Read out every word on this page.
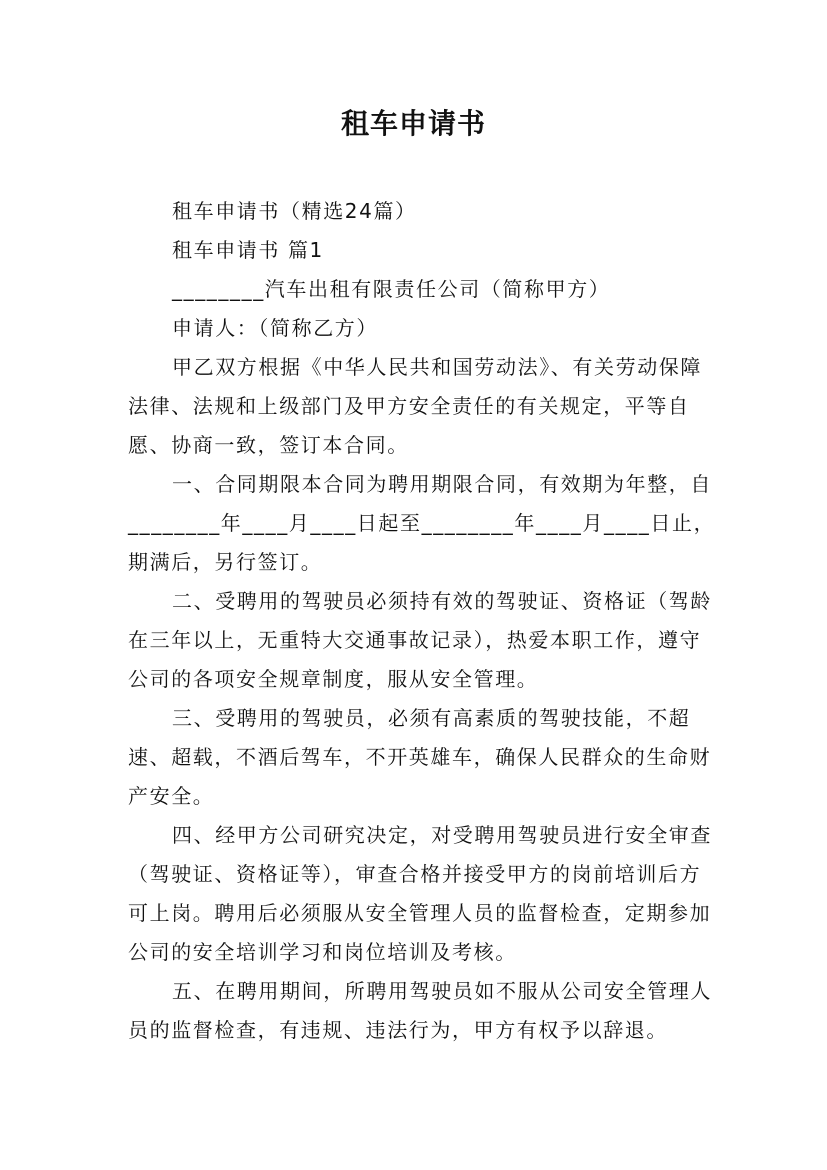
租车申请书

租车申请书（精选24篇）

租车申请书 篇1

________汽车出租有限责任公司（简称甲方）

申请人：（简称乙方）

甲乙双方根据《中华人民共和国劳动法》、有关劳动保障法律、法规和上级部门及甲方安全责任的有关规定，平等自愿、协商一致，签订本合同。

一、合同期限本合同为聘用期限合同，有效期为年整，自________年____月____日起至________年____月____日止，期满后，另行签订。

二、受聘用的驾驶员必须持有效的驾驶证、资格证（驾龄在三年以上，无重特大交通事故记录），热爱本职工作，遵守公司的各项安全规章制度，服从安全管理。

三、受聘用的驾驶员，必须有高素质的驾驶技能，不超速、超载，不酒后驾车，不开英雄车，确保人民群众的生命财产安全。

四、经甲方公司研究决定，对受聘用驾驶员进行安全审查（驾驶证、资格证等），审查合格并接受甲方的岗前培训后方可上岗。聘用后必须服从安全管理人员的监督检查，定期参加公司的安全培训学习和岗位培训及考核。

五、在聘用期间，所聘用驾驶员如不服从公司安全管理人员的监督检查，有违规、违法行为，甲方有权予以辞退。
